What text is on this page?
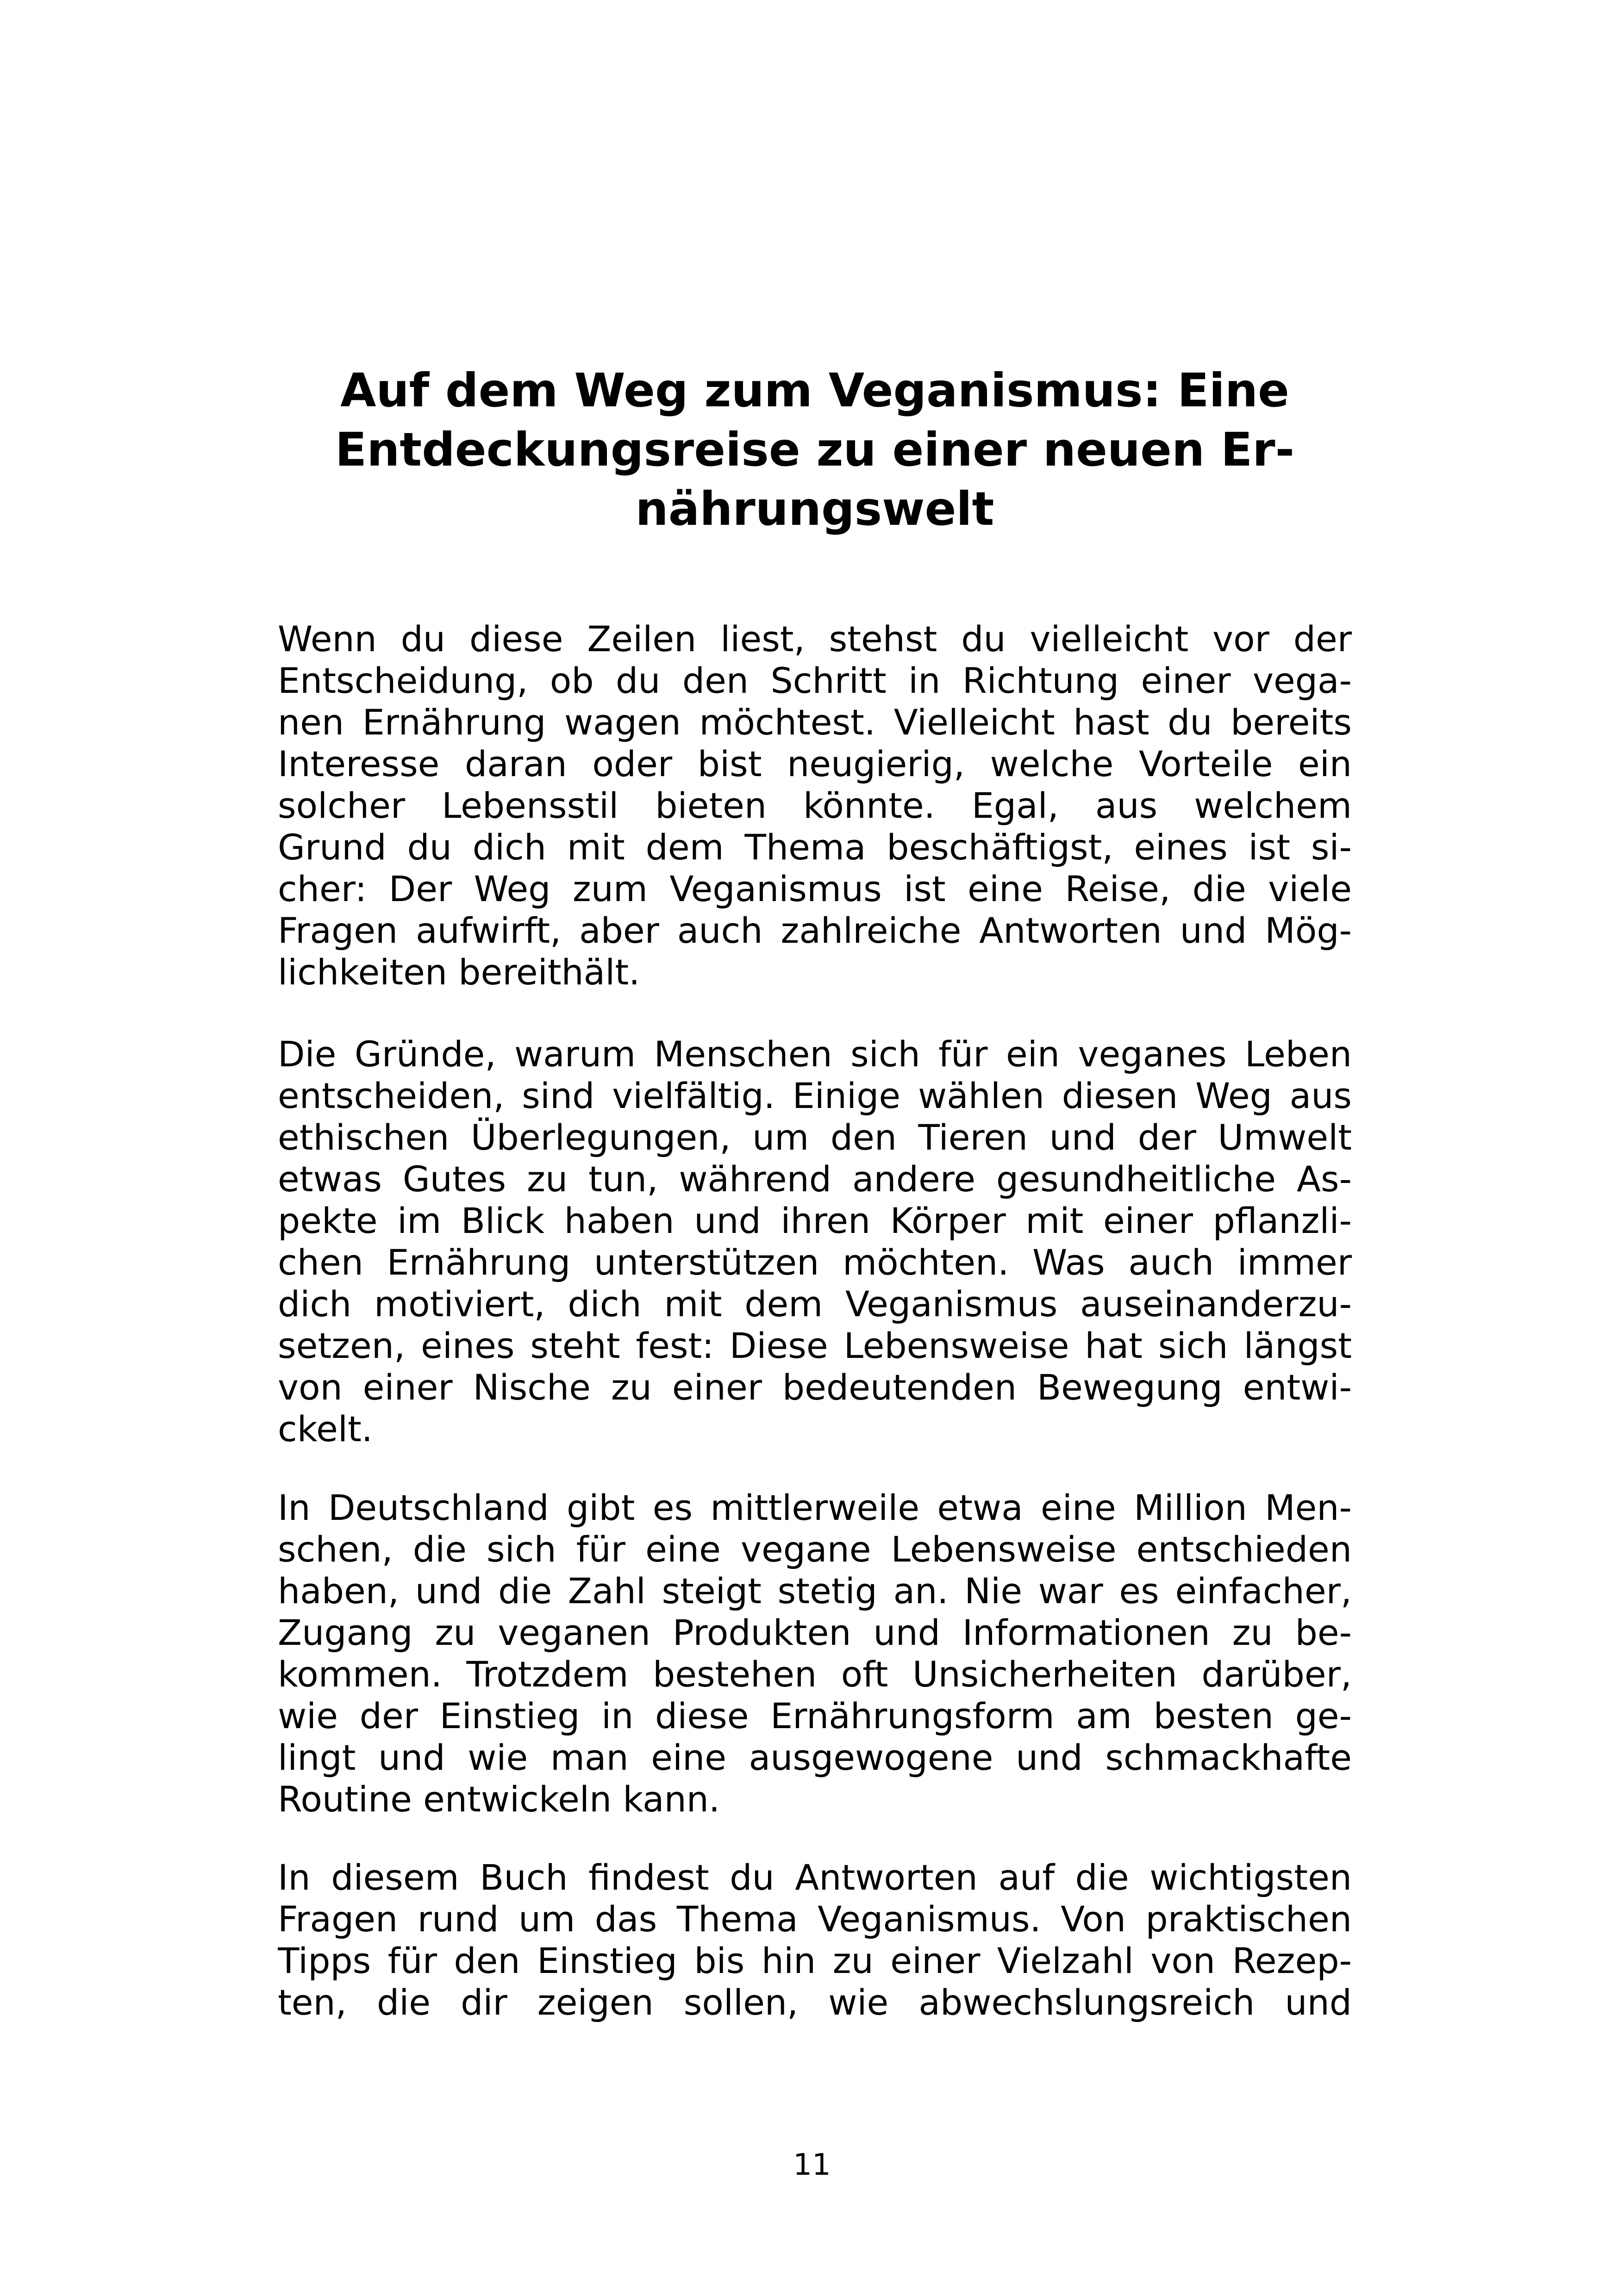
Auf dem Weg zum Veganismus: Eine
Entdeckungsreise zu einer neuen Er-
nährungswelt
Wenn du diese Zeilen liest, stehst du vielleicht vor der
Entscheidung, ob du den Schritt in Richtung einer vega-
nen Ernährung wagen möchtest. Vielleicht hast du bereits
Interesse daran oder bist neugierig, welche Vorteile ein
solcher Lebensstil bieten könnte. Egal, aus welchem
Grund du dich mit dem Thema beschäftigst, eines ist si-
cher: Der Weg zum Veganismus ist eine Reise, die viele
Fragen aufwirft, aber auch zahlreiche Antworten und Mög-
lichkeiten bereithält.
Die Gründe, warum Menschen sich für ein veganes Leben
entscheiden, sind vielfältig. Einige wählen diesen Weg aus
ethischen Überlegungen, um den Tieren und der Umwelt
etwas Gutes zu tun, während andere gesundheitliche As-
pekte im Blick haben und ihren Körper mit einer pflanzli-
chen Ernährung unterstützen möchten. Was auch immer
dich motiviert, dich mit dem Veganismus auseinanderzu-
setzen, eines steht fest: Diese Lebensweise hat sich längst
von einer Nische zu einer bedeutenden Bewegung entwi-
ckelt.
In Deutschland gibt es mittlerweile etwa eine Million Men-
schen, die sich für eine vegane Lebensweise entschieden
haben, und die Zahl steigt stetig an. Nie war es einfacher,
Zugang zu veganen Produkten und Informationen zu be-
kommen. Trotzdem bestehen oft Unsicherheiten darüber,
wie der Einstieg in diese Ernährungsform am besten ge-
lingt und wie man eine ausgewogene und schmackhafte
Routine entwickeln kann.
In diesem Buch findest du Antworten auf die wichtigsten
Fragen rund um das Thema Veganismus. Von praktischen
Tipps für den Einstieg bis hin zu einer Vielzahl von Rezep-
ten, die dir zeigen sollen, wie abwechslungsreich und
11
